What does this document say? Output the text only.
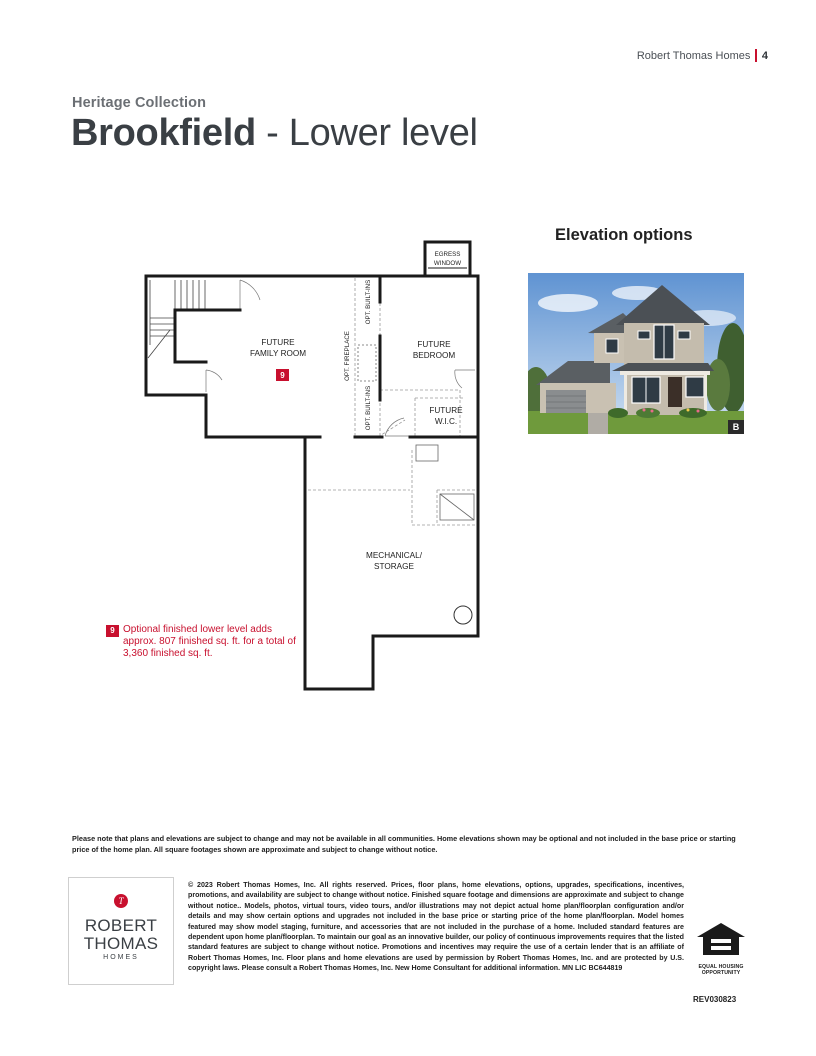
Robert Thomas Homes 4
Heritage Collection
Brookfield - Lower level
EGRESS
WINDOW
FUTURE
FAMILY ROOM
9
FUTURE
BEDROOM
FUTURE
W.I.C.
MECHANICAL/
STORAGE
OPT. BUILT-INS
OPT. FIREPLACE
OPT. BUILT-INS
Elevation options
B
9 Optional finished lower level adds approx. 807 finished sq. ft. for a total of 3,360 finished sq. ft.
Please note that plans and elevations are subject to change and may not be available in all communities. Home elevations shown may be optional and not included in the base price or starting price of the home plan. All square footages shown are approximate and subject to change without notice.
T
ROBERT
THOMAS
HOMES
© 2023 Robert Thomas Homes, Inc. All rights reserved. Prices, floor plans, home elevations, options, upgrades, specifications, incentives, promotions, and availability are subject to change without notice. Finished square footage and dimensions are approximate and subject to change without notice.. Models, photos, virtual tours, video tours, and/or illustrations may not depict actual home plan/floorplan configuration and/or details and may show certain options and upgrades not included in the base price or starting price of the home plan/floorplan. Model homes featured may show model staging, furniture, and accessories that are not included in the purchase of a home. Included standard features are dependent upon home plan/floorplan. To maintain our goal as an innovative builder, our policy of continuous improvements requires that the listed standard features are subject to change without notice. Promotions and incentives may require the use of a certain lender that is an affiliate of Robert Thomas Homes, Inc. Floor plans and home elevations are used by permission by Robert Thomas Homes, Inc. and are protected by U.S. copyright laws. Please consult a Robert Thomas Homes, Inc. New Home Consultant for additional information. MN LIC BC644819	EQUAL HOUSING
OPPORTUNITY
REV030823
